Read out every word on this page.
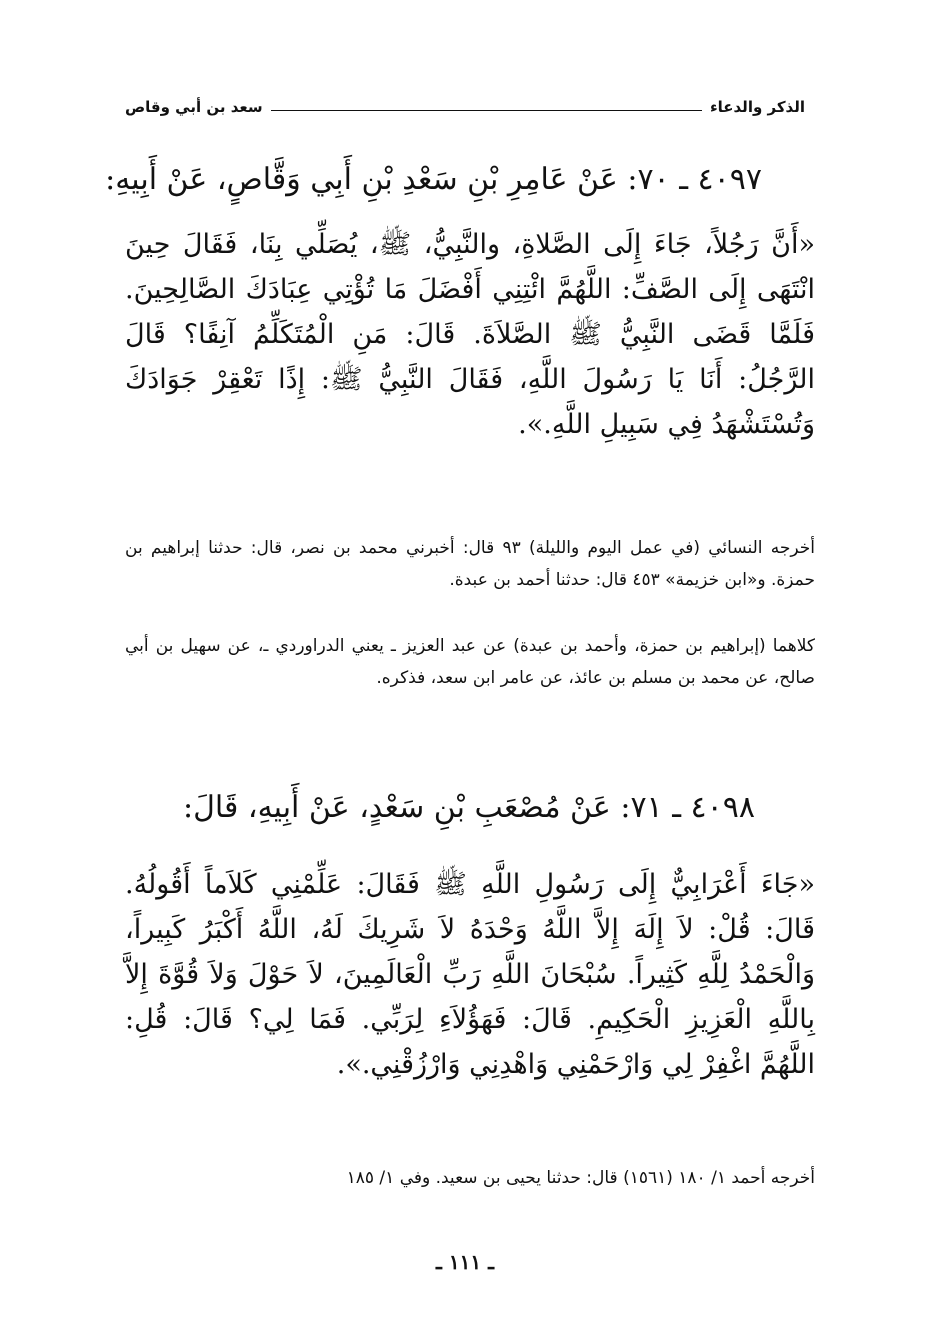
الذكر والدعاء
سعد بن أبي وقاص
٤٠٩٧ ـ ٧٠: عَنْ عَامِرِ بْنِ سَعْدِ بْنِ أَبِي وَقَّاصٍ، عَنْ أَبِيهِ:
«أَنَّ رَجُلاً، جَاءَ إِلَى الصَّلاةِ، والنَّبِيُّ، ﷺ، يُصَلِّي بِنَا، فَقَالَ حِينَ انْتَهَى إِلَى الصَّفِّ: اللَّهُمَّ ائْتِنِي أَفْضَلَ مَا تُؤْتِي عِبَادَكَ الصَّالِحِينَ. فَلَمَّا قَضَى النَّبِيُّ ﷺ الصَّلاَةَ. قَالَ: مَنِ الْمُتَكَلِّمُ آنِفًا؟ قَالَ الرَّجُلُ: أَنَا يَا رَسُولَ اللَّهِ، فَقَالَ النَّبِيُّ ﷺ: إِذًا تَعْقِرْ جَوَادَكَ وَتُسْتَشْهَدُ فِي سَبِيلِ اللَّهِ.».
أخرجه النسائي (في عمل اليوم والليلة) ٩٣ قال: أخبرني محمد بن نصر، قال: حدثنا إبراهيم بن حمزة. و«ابن خزيمة» ٤٥٣ قال: حدثنا أحمد بن عبدة.
كلاهما (إبراهيم بن حمزة، وأحمد بن عبدة) عن عبد العزيز ـ يعني الدراوردي ـ، عن سهيل بن أبي صالح، عن محمد بن مسلم بن عائذ، عن عامر ابن سعد، فذكره.
٤٠٩٨ ـ ٧١: عَنْ مُصْعَبِ بْنِ سَعْدٍ، عَنْ أَبِيهِ، قَالَ:
«جَاءَ أَعْرَابِيٌّ إِلَى رَسُولِ اللَّهِ ﷺ فَقَالَ: عَلِّمْنِي كَلاَماً أَقُولُهُ. قَالَ: قُلْ: لاَ إِلَهَ إِلاَّ اللَّهُ وَحْدَهُ لاَ شَرِيكَ لَهُ، اللَّهُ أَكْبَرُ كَبِيراً، وَالْحَمْدُ لِلَّهِ كَثِيراً. سُبْحَانَ اللَّهِ رَبِّ الْعَالَمِينَ، لاَ حَوْلَ وَلاَ قُوَّةَ إِلاَّ بِاللَّهِ الْعَزِيزِ الْحَكِيمِ. قَالَ: فَهَؤُلاَءِ لِرَبِّي. فَمَا لِي؟ قَالَ: قُلِ: اللَّهُمَّ اغْفِرْ لِي وَارْحَمْنِي وَاهْدِنِي وَارْزُقْنِي.».
أخرجه أحمد ١/ ١٨٠ (١٥٦١) قال: حدثنا يحيى بن سعيد. وفي ١/ ١٨٥
ـ ١١١ ـ
